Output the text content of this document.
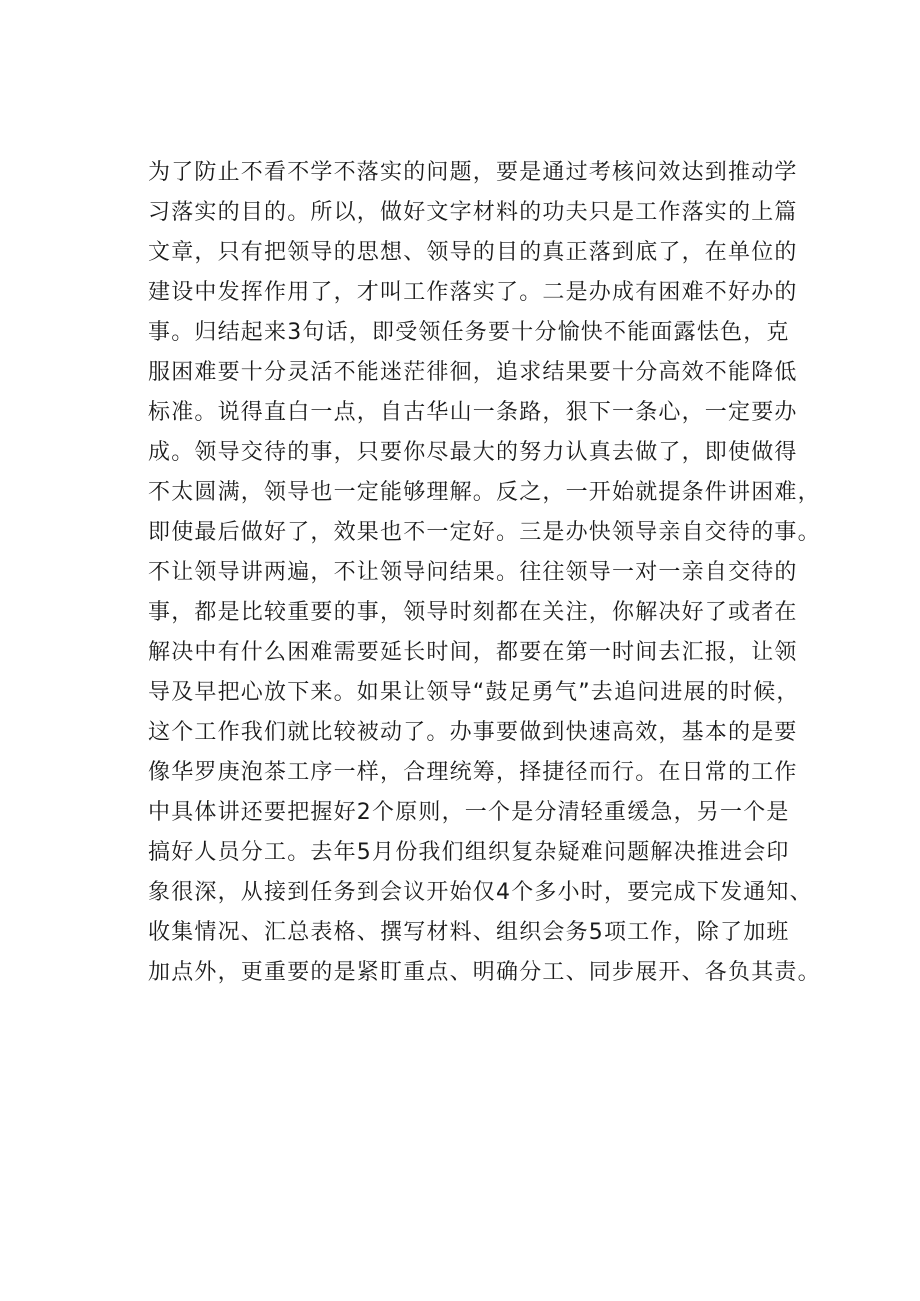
为了防止不看不学不落实的问题，要是通过考核问效达到推动学
习落实的目的。所以，做好文字材料的功夫只是工作落实的上篇
文章，只有把领导的思想、领导的目的真正落到底了，在单位的
建设中发挥作用了，才叫工作落实了。二是办成有困难不好办的
事。归结起来3句话，即受领任务要十分愉快不能面露怯色，克
服困难要十分灵活不能迷茫徘徊，追求结果要十分高效不能降低
标准。说得直白一点，自古华山一条路，狠下一条心，一定要办
成。领导交待的事，只要你尽最大的努力认真去做了，即使做得
不太圆满，领导也一定能够理解。反之，一开始就提条件讲困难，
即使最后做好了，效果也不一定好。三是办快领导亲自交待的事。
不让领导讲两遍，不让领导问结果。往往领导一对一亲自交待的
事，都是比较重要的事，领导时刻都在关注，你解决好了或者在
解决中有什么困难需要延长时间，都要在第一时间去汇报，让领
导及早把心放下来。如果让领导“鼓足勇气”去追问进展的时候，
这个工作我们就比较被动了。办事要做到快速高效，基本的是要
像华罗庚泡茶工序一样，合理统筹，择捷径而行。在日常的工作
中具体讲还要把握好2个原则，一个是分清轻重缓急，另一个是
搞好人员分工。去年5月份我们组织复杂疑难问题解决推进会印
象很深，从接到任务到会议开始仅4个多小时，要完成下发通知、
收集情况、汇总表格、撰写材料、组织会务5项工作，除了加班
加点外，更重要的是紧盯重点、明确分工、同步展开、各负其责。
